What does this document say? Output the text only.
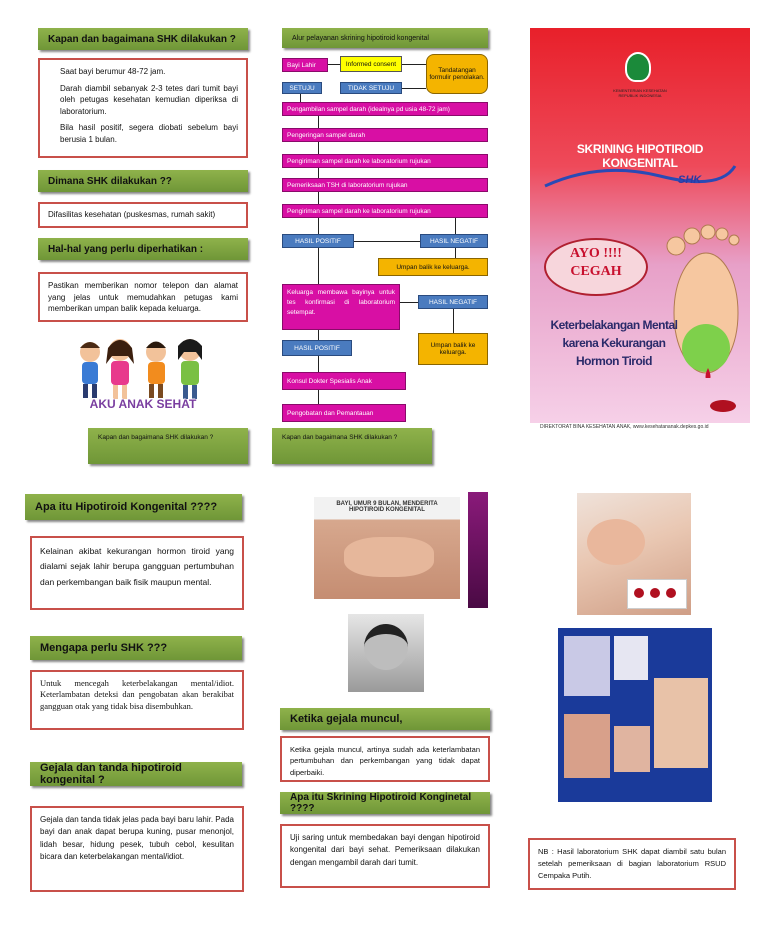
Kapan dan bagaimana SHK dilakukan ?

Saat bayi berumur 48-72 jam.

Darah diambil sebanyak 2-3 tetes dari tumit bayi oleh petugas kesehatan kemudian diperiksa di laboratorium.

Bila hasil positif, segera diobati sebelum bayi berusia 1 bulan.

Dimana SHK dilakukan ??
Difasilitas kesehatan (puskesmas, rumah sakit)
Hal-hal yang perlu diperhatikan :
Pastikan memberikan nomor telepon dan alamat yang jelas untuk memudahkan petugas kami memberikan umpan balik kepada keluarga.
AKU ANAK SEHAT
Kapan dan bagaimana SHK dilakukan ?
Alur pelayanan skrining hipotiroid kongenital
Bayi Lahir	Informed consent
Tandatangan formulir penolakan.
SETUJU	TIDAK SETUJU
Pengambilan sampel darah (idealnya pd usia 48-72 jam)
Pengeringan sampel darah
Pengiriman sampel darah ke laboratorium rujukan
Pemeriksaan TSH di laboratorium rujukan
Pengiriman sampel darah ke laboratorium rujukan
HASIL POSITIF	HASIL NEGATIF
Umpan balik ke keluarga.
Keluarga membawa bayinya untuk tes konfirmasi di laboratorium setempat.
HASIL NEGATIF
Umpan balik ke keluarga.
HASIL POSITIF
Konsul Dokter Spesialis Anak
Pengobatan dan Pemantauan
Kapan dan bagaimana SHK dilakukan ?
KEMENTERIAN KESEHATAN REPUBLIK INDONESIA
SKRINING HIPOTIROID KONGENITAL
SHK
AYO !!!!
CEGAH
Keterbelakangan Mental
karena Kekurangan
Hormon Tiroid
DIREKTORAT BINA KESEHATAN ANAK, www.kesehatananak.depkes.go.id
Apa itu Hipotiroid Kongenital ????
Kelainan akibat kekurangan hormon tiroid yang dialami sejak lahir berupa gangguan pertumbuhan dan perkembangan baik fisik maupun mental.
Mengapa perlu SHK ???
Untuk mencegah keterbelakangan mental/idiot. Keterlambatan deteksi dan pengobatan akan berakibat gangguan otak yang tidak bisa disembuhkan.
Gejala dan tanda hipotiroid kongenital ?
Gejala dan tanda tidak jelas pada bayi baru lahir. Pada bayi dan anak dapat berupa kuning, pusar menonjol, lidah besar, hidung pesek, tubuh cebol, kesulitan bicara dan keterbelakangan mental/idiot.
BAYI, UMUR 9 BULAN, MENDERITA HIPOTIROID KONGENITAL
Ketika gejala muncul,
Ketika gejala muncul, artinya sudah ada keterlambatan pertumbuhan dan perkembangan yang tidak dapat diperbaiki.
Apa itu Skrining Hipotiroid Konginetal ????
Uji saring untuk membedakan bayi dengan hipotiroid kongenital dari bayi sehat. Pemeriksaan dilakukan dengan mengambil darah dari tumit.
NB : Hasil laboratorium SHK dapat diambil satu bulan setelah pemeriksaan di bagian laboratorium RSUD Cempaka Putih.
